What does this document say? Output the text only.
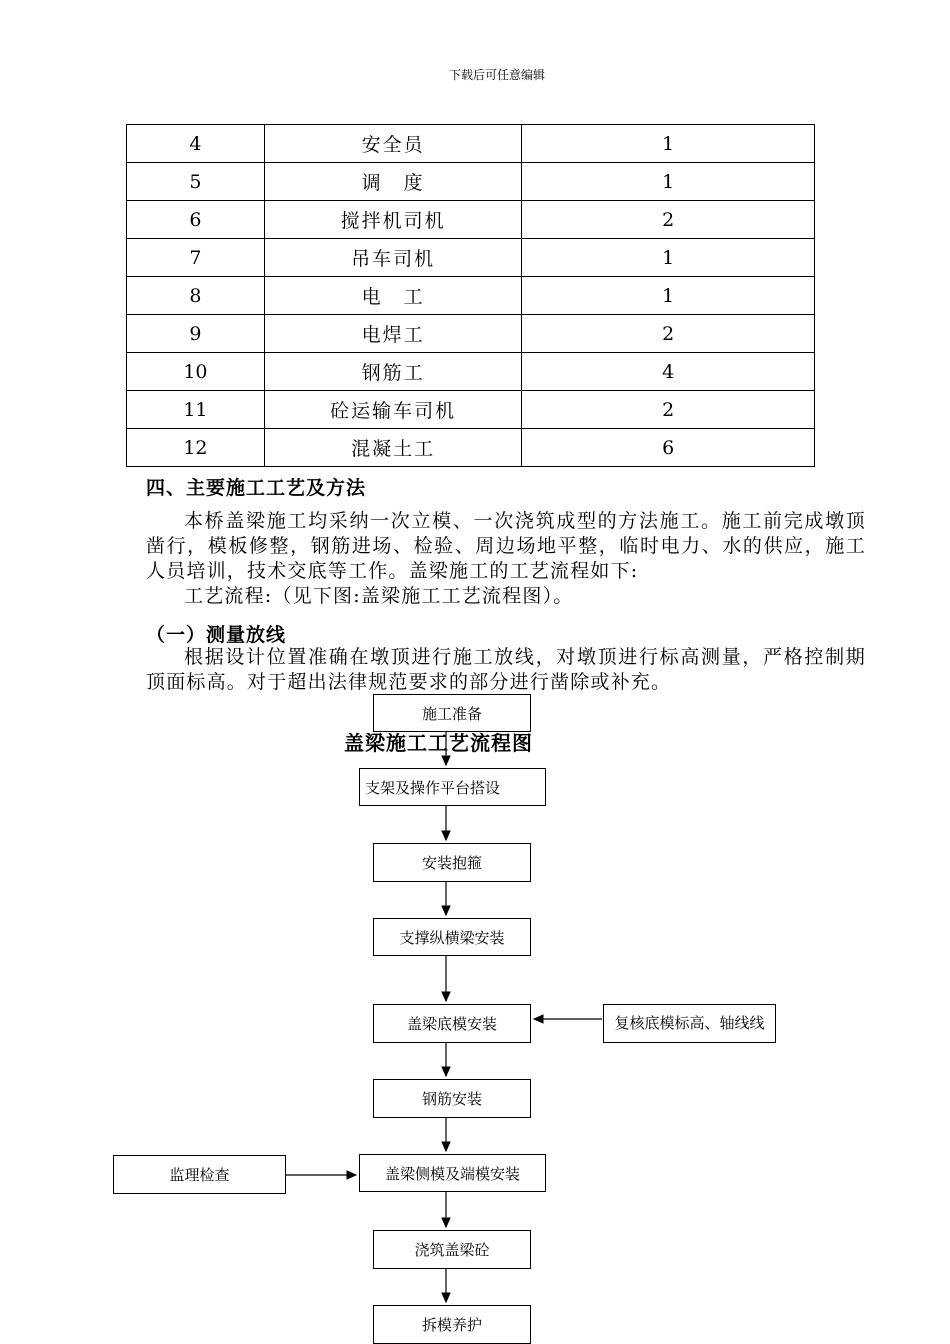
下载后可任意编辑
4	安全员	1
5	调　度	1
6	搅拌机司机	2
7	吊车司机	1
8	电　工	1
9	电焊工	2
10	钢筋工	4
11	砼运输车司机	2
12	混凝土工	6
四、主要施工工艺及方法
本桥盖梁施工均采纳一次立模、一次浇筑成型的方法施工。施工前完成墩顶凿行，模板修整，钢筋进场、检验、周边场地平整，临时电力、水的供应，施工人员培训，技术交底等工作。盖梁施工的工艺流程如下:
工艺流程:（见下图:盖梁施工工艺流程图）。
（一）测量放线
根据设计位置准确在墩顶进行施工放线，对墩顶进行标高测量，严格控制期顶面标高。对于超出法律规范要求的部分进行凿除或补充。
施工准备
盖梁施工工艺流程图
支架及操作平台搭设
安装抱箍
支撑纵横梁安装
盖梁底模安装	复核底模标高、轴线线
钢筋安装
监理检查	盖梁侧模及端模安装
浇筑盖梁砼
拆模养护
